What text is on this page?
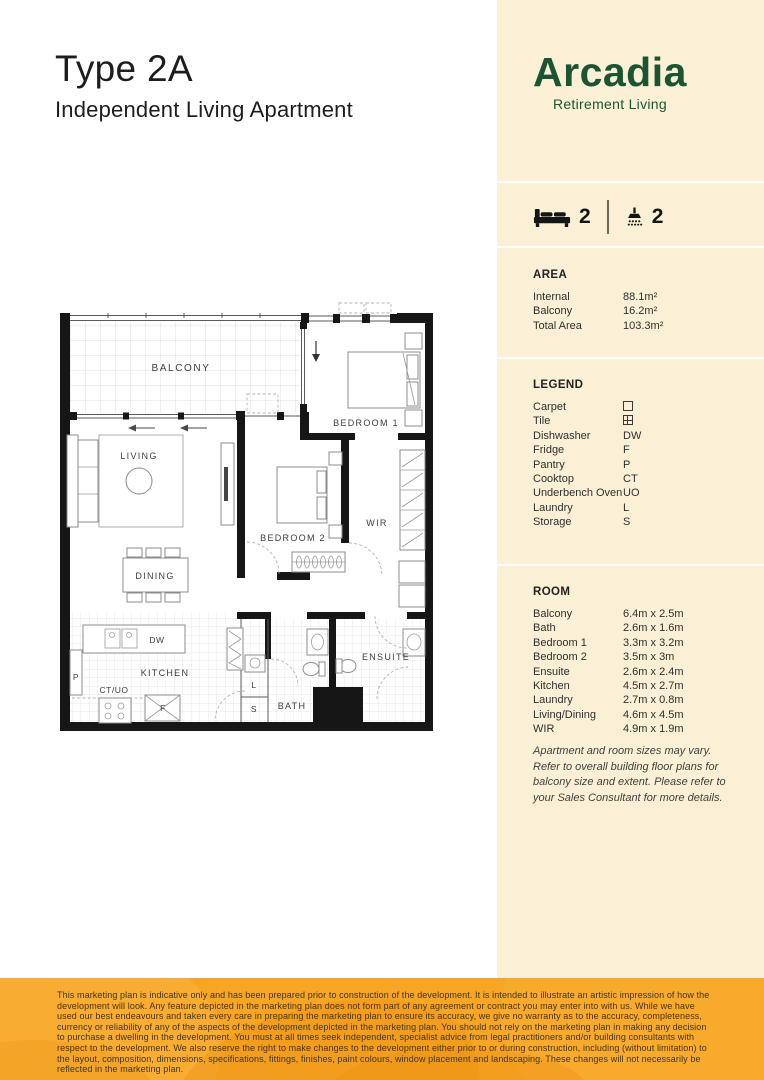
Type 2A
Independent Living Apartment
BALCONY
BEDROOM 1
LIVING
DINING
BEDROOM 2
WIR
KITCHEN
ENSUITE
BATH
DW
P
CT/UO
F
L
S
Arcadia
Retirement Living
2	2
AREA
Internal	88.1m²
Balcony	16.2m²
Total Area	103.3m²
LEGEND
Carpet
Tile
Dishwasher	DW
Fridge	F
Pantry	P
Cooktop	CT
Underbench Oven UO
Laundry	L
Storage	S
ROOM
Balcony	6.4m x 2.5m
Bath	2.6m x 1.6m
Bedroom 1	3.3m x 3.2m
Bedroom 2	3.5m x 3m
Ensuite	2.6m x 2.4m
Kitchen	4.5m x 2.7m
Laundry	2.7m x 0.8m
Living/Dining	4.6m x 4.5m
WIR	4.9m x 1.9m
Apartment and room sizes may vary. Refer to overall building floor plans for balcony size and extent. Please refer to your Sales Consultant for more details.
This marketing plan is indicative only and has been prepared prior to construction of the development. It is intended to illustrate an artistic impression of how the development will look. Any feature depicted in the marketing plan does not form part of any agreement or contract you may enter into with us. While we have used our best endeavours and taken every care in preparing the marketing plan to ensure its accuracy, we give no warranty as to the accuracy, completeness, currency or reliability of any of the aspects of the development depicted in the marketing plan. You should not rely on the marketing plan in making any decision to purchase a dwelling in the development. You must at all times seek independent, specialist advice from legal practitioners and/or building consultants with respect to the development. We also reserve the right to make changes to the development either prior to or during construction, including (without limitation) to the layout, composition, dimensions, specifications, fittings, finishes, paint colours, window placement and landscaping. These changes will not necessarily be reflected in the marketing plan.
